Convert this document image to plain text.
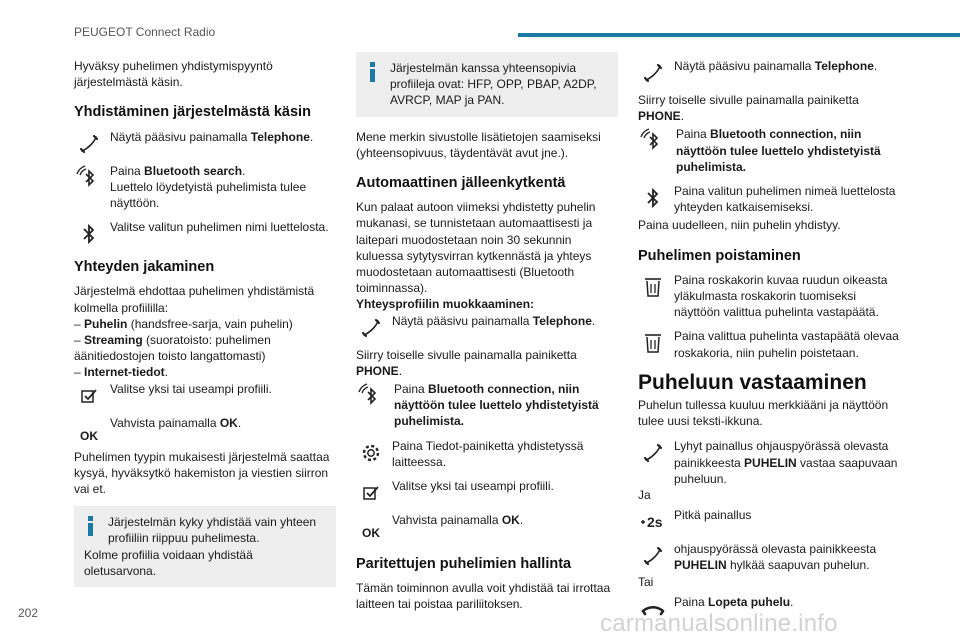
PEUGEOT Connect Radio

Hyväksy puhelimen yhdistymispyyntö järjestelmästä käsin.

Yhdistäminen järjestelmästä käsin
Näytä pääsivu painamalla Telephone.
Paina Bluetooth search.
Luettelo löydetyistä puhelimista tulee näyttöön.
Valitse valitun puhelimen nimi luettelosta.
Yhteyden jakaminen

Järjestelmä ehdottaa puhelimen yhdistämistä kolmella profiililla:
– Puhelin (handsfree-sarja, vain puhelin)
– Streaming (suoratoisto: puhelimen äänitiedostojen toisto langattomasti)
– Internet-tiedot.

Valitse yksi tai useampi profiili.
OK
Vahvista painamalla OK.

Puhelimen tyypin mukaisesti järjestelmä saattaa kysyä, hyväksytkö hakemiston ja viestien siirron vai et.

Järjestelmän kyky yhdistää vain yhteen profiiliin riippuu puhelimesta.
Kolme profiilia voidaan yhdistää oletusarvona.
Järjestelmän kanssa yhteensopivia profiileja ovat: HFP, OPP, PBAP, A2DP, AVRCP, MAP ja PAN.

Mene merkin sivustolle lisätietojen saamiseksi (yhteensopivuus, täydentävät avut jne.).

Automaattinen jälleenkytkentä

Kun palaat autoon viimeksi yhdistetty puhelin mukanasi, se tunnistetaan automaattisesti ja laitepari muodostetaan noin 30 sekunnin kuluessa sytytysvirran kytkennästä ja yhteys muodostetaan automaattisesti (Bluetooth toiminnassa).
Yhteysprofiilin muokkaaminen:

Näytä pääsivu painamalla Telephone.

Siirry toiselle sivulle painamalla painiketta PHONE.

Paina Bluetooth connection, niin näyttöön tulee luettelo yhdistetyistä puhelimista.
Paina Tiedot-painiketta yhdistetyssä laitteessa.
Valitse yksi tai useampi profiili.
OK
Vahvista painamalla OK.
Paritettujen puhelimien hallinta

Tämän toiminnon avulla voit yhdistää tai irrottaa laitteen tai poistaa pariliitoksen.

Näytä pääsivu painamalla Telephone.

Siirry toiselle sivulle painamalla painiketta PHONE.

Paina Bluetooth connection, niin näyttöön tulee luettelo yhdistetyistä puhelimista.
Paina valitun puhelimen nimeä luettelosta yhteyden katkaisemiseksi.

Paina uudelleen, niin puhelin yhdistyy.

Puhelimen poistaminen
Paina roskakorin kuvaa ruudun oikeasta yläkulmasta roskakorin tuomiseksi näyttöön valittua puhelinta vastapäätä.
Paina valittua puhelinta vastapäätä olevaa roskakoria, niin puhelin poistetaan.
Puheluun vastaaminen

Puhelun tullessa kuuluu merkkiääni ja näyttöön tulee uusi teksti-ikkuna.

Lyhyt painallus ohjauspyörässä olevasta painikkeesta PUHELIN vastaa saapuvaan puheluun.

Ja

2s Pitkä painallus
ohjauspyörässä olevasta painikkeesta PUHELIN hylkää saapuvan puhelun.

Tai

Paina Lopeta puhelu.
202	carmanualsonline.info
